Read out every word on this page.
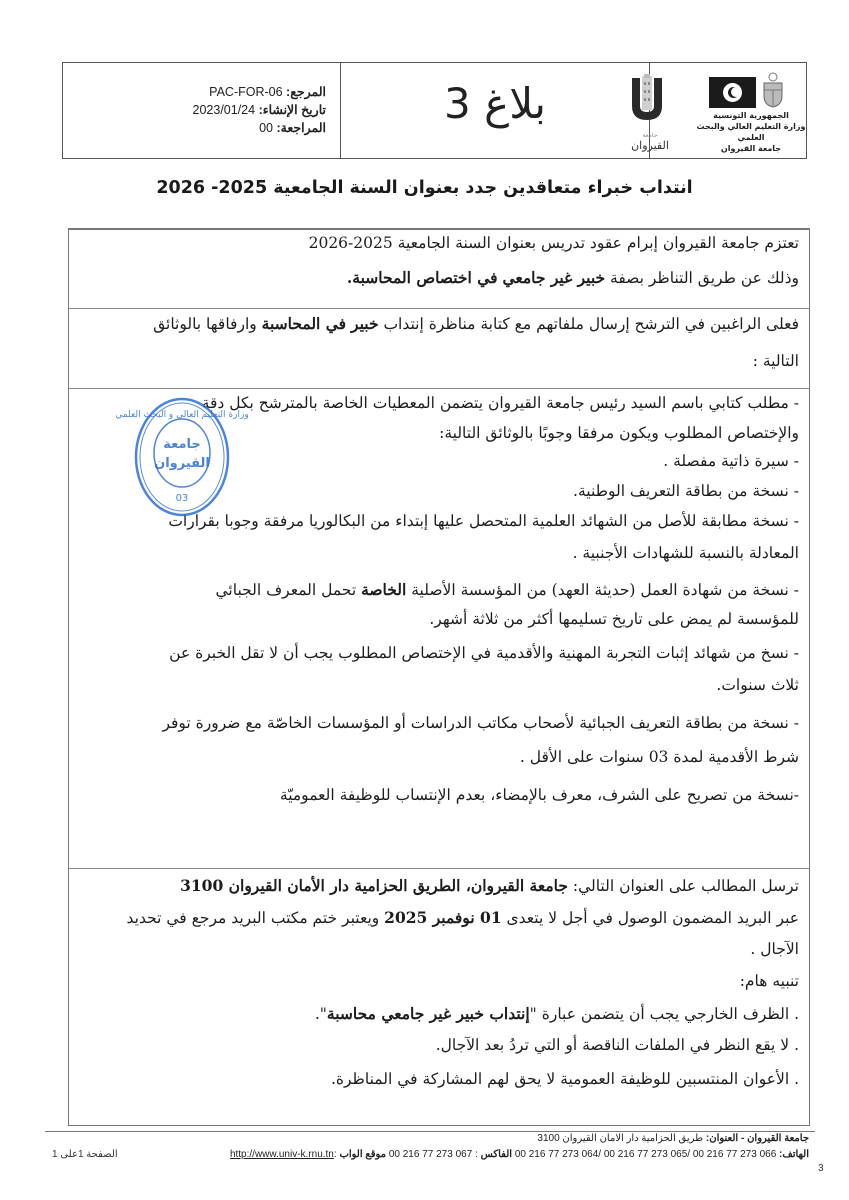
المرجع: PAC-FOR-06
تاريخ الإنشاء: 2023/01/24
المراجعة: 00	بلاغ 3
جامعة
القيروان
الجمهورية التونسية
وزارة التعليم العالي والبحث العلمي
جامعة القيروان
انتداب خبراء متعاقدين جدد بعنوان السنة الجامعية 2025- 2026
تعتزم جامعة القيروان إبرام عقود تدريس بعنوان السنة الجامعية 2025-2026
وذلك عن طريق التناظر بصفة خبير غير جامعي في اختصاص المحاسبة.
فعلى الراغبين في الترشح إرسال ملفاتهم مع كتابة مناظرة إنتداب خبير في المحاسبة وارفاقها بالوثائق
التالية :
- مطلب كتابي باسم السيد رئيس جامعة القيروان يتضمن المعطيات الخاصة بالمترشح بكل دقة
والإختصاص المطلوب ويكون مرفقا وجوبًا بالوثائق التالية:
- سيرة ذاتية مفصلة .
- نسخة من بطاقة التعريف الوطنية.
- نسخة مطابقة للأصل من الشهائد العلمية المتحصل عليها إبتداء من البكالوريا مرفقة وجوبا بقرارات
المعادلة بالنسبة للشهادات الأجنبية .
- نسخة من شهادة العمل (حديثة العهد) من المؤسسة الأصلية الخاصة تحمل المعرف الجبائي
للمؤسسة لم يمض على تاريخ تسليمها أكثر من ثلاثة أشهر.
- نسخ من شهائد إثبات التجربة المهنية والأقدمية في الإختصاص المطلوب يجب أن لا تقل الخبرة عن
ثلاث سنوات.
- نسخة من بطاقة التعريف الجبائية لأصحاب مكاتب الدراسات أو المؤسسات الخاصّة مع ضرورة توفر
شرط الأقدمية لمدة 03 سنوات على الأقل .
-نسخة من تصريح على الشرف، معرف بالإمضاء، بعدم الإنتساب للوظيفة العموميّة
ترسل المطالب على العنوان التالي: جامعة القيروان، الطريق الحزامية دار الأمان القيروان 3100
عبر البريد المضمون الوصول في أجل لا يتعدى 01 نوفمبر 2025 ويعتبر ختم مكتب البريد مرجع في تحديد
الآجال .
تنبيه هام:
. الظرف الخارجي يجب أن يتضمن عبارة "إنتداب خبير غير جامعي محاسبة".
. لا يقع النظر في الملفات الناقصة أو التي تردُ بعد الآجال.
. الأعوان المنتسبين للوظيفة العمومية لا يحق لهم المشاركة في المناظرة.
وزارة التعليم العالي و البحث العلمي
جامعة
القيروان
03
جامعة القيروان - العنوان: طريق الحزامية دار الامان القيروان 3100
الهاتف: 066 273 77 216 00 /065 273 77 216 00 /064 273 77 216 00 الفاكس : 067 273 77 216 00 موقع الواب :http://www.univ-k.rnu.tn
الصفحة 1على 1
3
